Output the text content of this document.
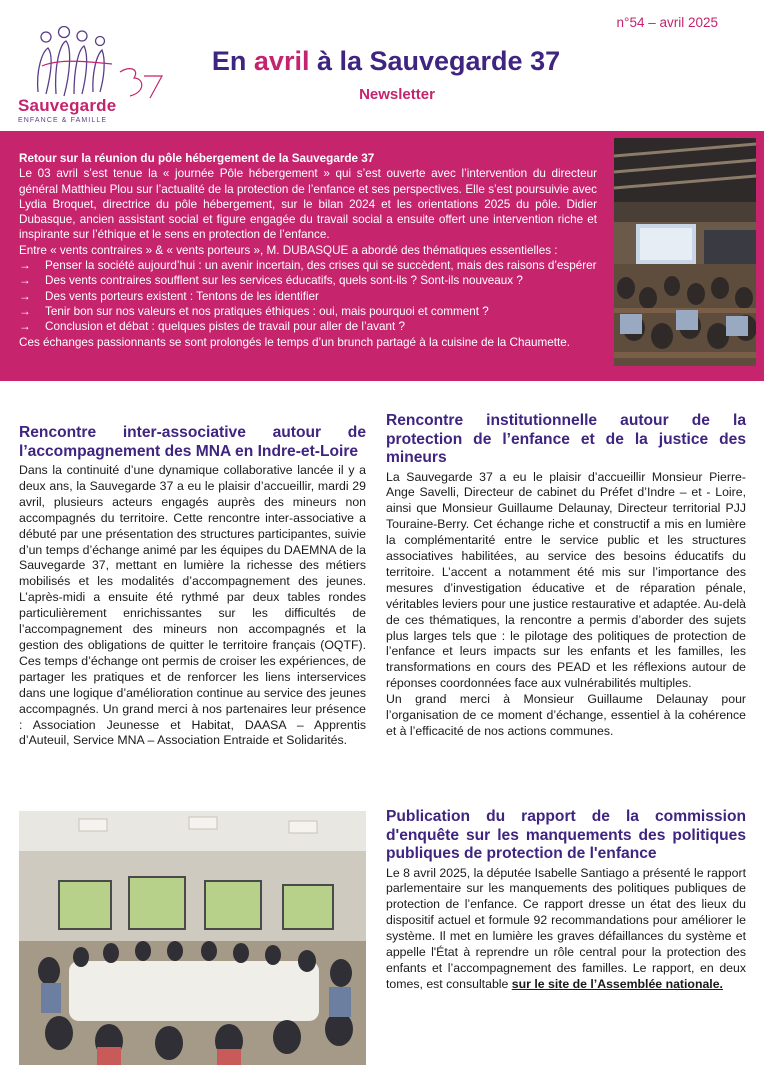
n°54 – avril 2025
Sauvegarde
ENFANCE & FAMILLE
En avril à la Sauvegarde 37
Newsletter
Retour sur la réunion du pôle hébergement de la Sauvegarde 37

Le 03 avril s’est tenue la « journée Pôle hébergement » qui s’est ouverte avec l’intervention du directeur général Matthieu Plou sur l’actualité de la protection de l’enfance et ses perspectives. Elle s’est poursuivie avec Lydia Broquet, directrice du pôle hébergement, sur le bilan 2024 et les orientations 2025 du pôle. Didier Dubasque, ancien assistant social et figure engagée du travail social a ensuite offert une intervention riche et inspirante sur l’éthique et le sens en protection de l’enfance.

Entre « vents contraires » & « vents porteurs », M. DUBASQUE a abordé des thématiques essentielles :
→	Penser la société aujourd’hui : un avenir incertain, des crises qui se succèdent, mais des raisons d’espérer
→	Des vents contraires soufflent sur les services éducatifs, quels sont-ils ? Sont-ils nouveaux ?
→	Des vents porteurs existent : Tentons de les identifier
→	Tenir bon sur nos valeurs et nos pratiques éthiques : oui, mais pourquoi et comment ?
→	Conclusion et débat : quelques pistes de travail pour aller de l’avant ?
Ces échanges passionnants se sont prolongés le temps d’un brunch partagé à la cuisine de la Chaumette.
Rencontre inter-associative autour de l’accompagnement des MNA en Indre-et-Loire

Dans la continuité d’une dynamique collaborative lancée il y a deux ans, la Sauvegarde 37 a eu le plaisir d’accueillir, mardi 29 avril, plusieurs acteurs engagés auprès des mineurs non accompagnés du territoire. Cette rencontre inter-associative a débuté par une présentation des structures participantes, suivie d’un temps d’échange animé par les équipes du DAEMNA de la Sauvegarde 37, mettant en lumière la richesse des métiers mobilisés et les modalités d’accompagnement des jeunes. L’après-midi a ensuite été rythmé par deux tables rondes particulièrement enrichissantes sur les difficultés de l’accompagnement des mineurs non accompagnés et la gestion des obligations de quitter le territoire français (OQTF). Ces temps d’échange ont permis de croiser les expériences, de partager les pratiques et de renforcer les liens interservices dans une logique d’amélioration continue au service des jeunes accompagnés. Un grand merci à nos partenaires leur présence : Association Jeunesse et Habitat, DAASA – Apprentis d’Auteuil, Service MNA – Association Entraide et Solidarités.

Rencontre institutionnelle autour de la protection de l’enfance et de la justice des mineurs

La Sauvegarde 37 a eu le plaisir d’accueillir Monsieur Pierre-Ange Savelli, Directeur de cabinet du Préfet d’Indre – et - Loire, ainsi que Monsieur Guillaume Delaunay, Directeur territorial PJJ Touraine-Berry. Cet échange riche et constructif a mis en lumière la complémentarité entre le service public et les structures associatives habilitées, au service des besoins éducatifs du territoire. L’accent a notamment été mis sur l’importance des mesures d’investigation éducative et de réparation pénale, véritables leviers pour une justice restaurative et adaptée. Au-delà de ces thématiques, la rencontre a permis d’aborder des sujets plus larges tels que : le pilotage des politiques de protection de l’enfance et leurs impacts sur les enfants et les familles, les transformations en cours des PEAD et les réflexions autour de réponses coordonnées face aux vulnérabilités multiples.

Un grand merci à Monsieur Guillaume Delaunay pour l’organisation de ce moment d’échange, essentiel à la cohérence et à l’efficacité de nos actions communes.

Publication du rapport de la commission d'enquête sur les manquements des politiques publiques de protection de l'enfance

Le 8 avril 2025, la députée Isabelle Santiago a présenté le rapport parlementaire sur les manquements des politiques publiques de protection de l’enfance. Ce rapport dresse un état des lieux du dispositif actuel et formule 92 recommandations pour améliorer le système. Il met en lumière les graves défaillances du système et appelle l'État à reprendre un rôle central pour la protection des enfants et l’accompagnement des familles. Le rapport, en deux tomes, est consultable sur le site de l’Assemblée nationale.
